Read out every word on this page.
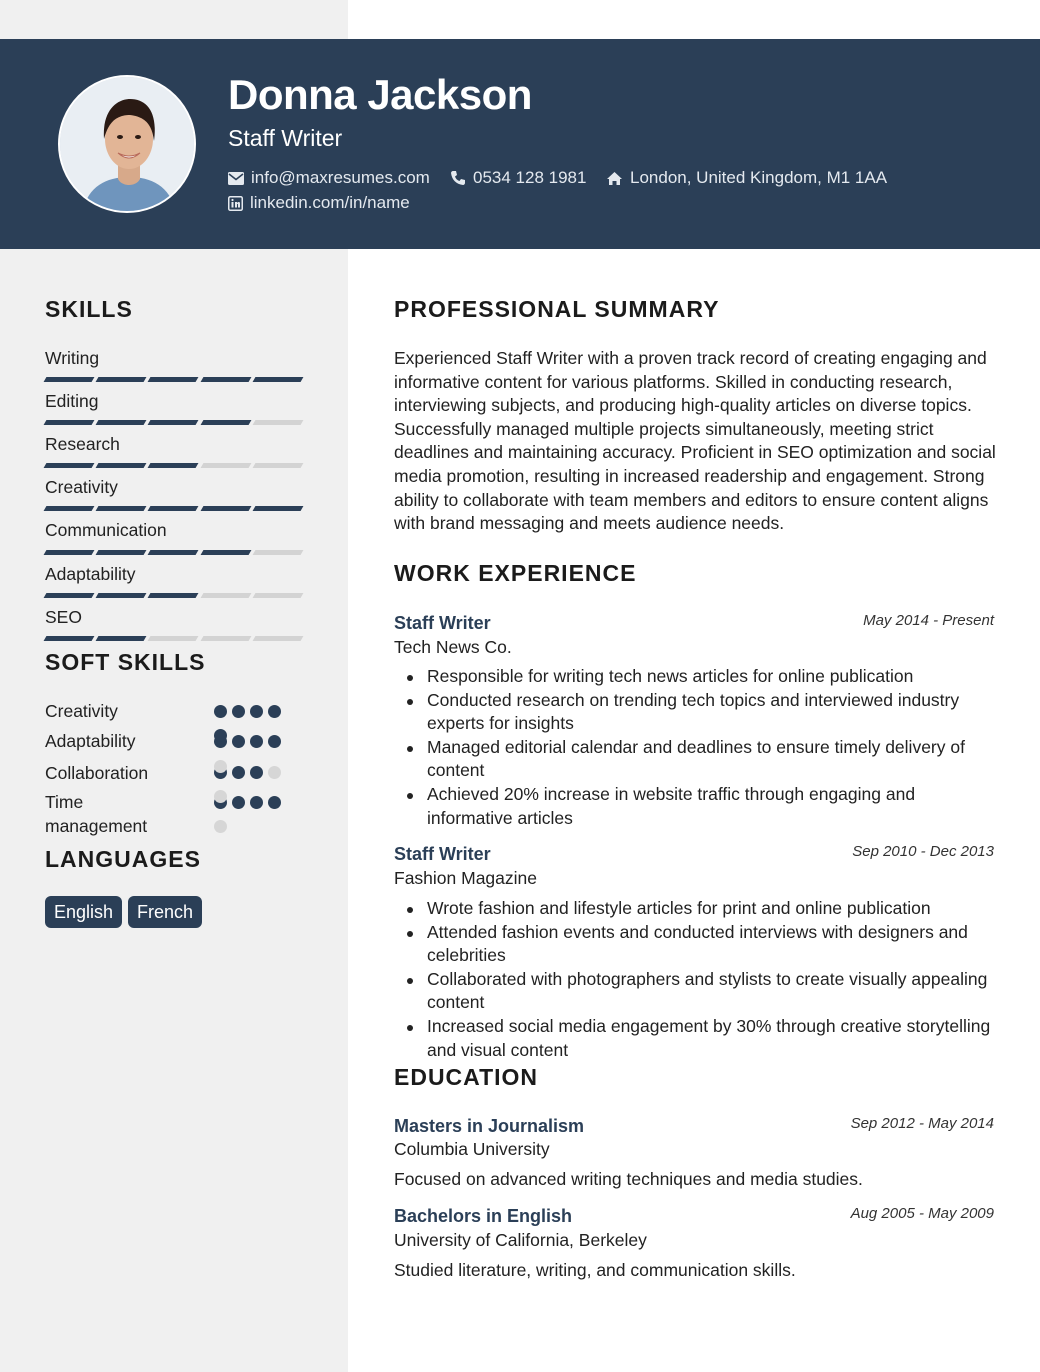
Donna Jackson
Staff Writer
info@maxresumes.com	0534 128 1981	London, United Kingdom, M1 1AA
linkedin.com/in/name
SKILLS
Writing
Editing
Research
Creativity
Communication
Adaptability
SEO
SOFT SKILLS
Creativity
Adaptability
Collaboration
Time management
LANGUAGES
English	French
PROFESSIONAL SUMMARY
Experienced Staff Writer with a proven track record of creating engaging and informative content for various platforms. Skilled in conducting research, interviewing subjects, and producing high-quality articles on diverse topics. Successfully managed multiple projects simultaneously, meeting strict deadlines and maintaining accuracy. Proficient in SEO optimization and social media promotion, resulting in increased readership and engagement. Strong ability to collaborate with team members and editors to ensure content aligns with brand messaging and meets audience needs.
WORK EXPERIENCE
Staff Writer	May 2014 - Present
Tech News Co.
Responsible for writing tech news articles for online publication
Conducted research on trending tech topics and interviewed industry experts for insights
Managed editorial calendar and deadlines to ensure timely delivery of content
Achieved 20% increase in website traffic through engaging and informative articles
Staff Writer	Sep 2010 - Dec 2013
Fashion Magazine
Wrote fashion and lifestyle articles for print and online publication
Attended fashion events and conducted interviews with designers and celebrities
Collaborated with photographers and stylists to create visually appealing content
Increased social media engagement by 30% through creative storytelling and visual content
EDUCATION
Masters in Journalism	Sep 2012 - May 2014
Columbia University
Focused on advanced writing techniques and media studies.
Bachelors in English	Aug 2005 - May 2009
University of California, Berkeley
Studied literature, writing, and communication skills.
